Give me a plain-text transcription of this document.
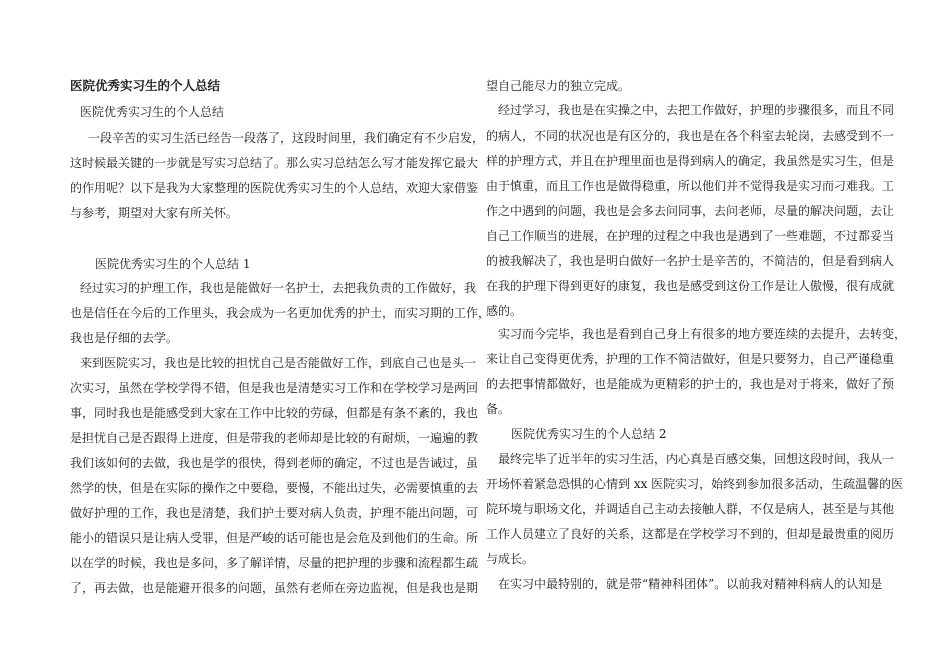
医院优秀实习生的个人总结
医院优秀实习生的个人总结
一段辛苦的实习生活已经告一段落了，这段时间里，我们确定有不少启发，
这时候最关键的一步就是写实习总结了。那么实习总结怎么写才能发挥它最大
的作用呢？以下是我为大家整理的医院优秀实习生的个人总结，欢迎大家借鉴
与参考，期望对大家有所关怀。
医院优秀实习生的个人总结 1
经过实习的护理工作，我也是能做好一名护士，去把我负责的工作做好，我
也是信任在今后的工作里头，我会成为一名更加优秀的护士，而实习期的工作，
我也是仔细的去学。
来到医院实习，我也是比较的担忧自己是否能做好工作，到底自己也是头一
次实习，虽然在学校学得不错，但是我也是清楚实习工作和在学校学习是两回
事，同时我也是能感受到大家在工作中比较的劳碌，但都是有条不紊的，我也
是担忧自己是否跟得上进度，但是带我的老师却是比较的有耐烦，一遍遍的教
我们该如何的去做，我也是学的很快，得到老师的确定，不过也是告诫过，虽
然学的快，但是在实际的操作之中要稳，要慢，不能出过失，必需要慎重的去
做好护理的工作，我也是清楚，我们护士要对病人负责，护理不能出问题，可
能小的错误只是让病人受罪，但是严峻的话可能也是会危及到他们的生命。所
以在学的时候，我也是多问，多了解详情，尽量的把护理的步骤和流程都生疏
了，再去做，也是能避开很多的问题，虽然有老师在旁边监视，但是我也是期
望自己能尽力的独立完成。
经过学习，我也是在实操之中，去把工作做好，护理的步骤很多，而且不同
的病人，不同的状况也是有区分的，我也是在各个科室去轮岗，去感受到不一
样的护理方式，并且在护理里面也是得到病人的确定，我虽然是实习生，但是
由于慎重，而且工作也是做得稳重，所以他们并不觉得我是实习而刁难我。工
作之中遇到的问题，我也是会多去问同事，去问老师，尽量的解决问题，去让
自己工作顺当的进展，在护理的过程之中我也是遇到了一些难题，不过都妥当
的被我解决了，我也是明白做好一名护士是辛苦的，不简洁的，但是看到病人
在我的护理下得到更好的康复，我也是感受到这份工作是让人傲慢，很有成就
感的。
实习而今完毕，我也是看到自己身上有很多的地方要连续的去提升，去转变，
来让自己变得更优秀，护理的工作不简洁做好，但是只要努力，自己严谨稳重
的去把事情都做好，也是能成为更精彩的护士的，我也是对于将来，做好了预
备。
医院优秀实习生的个人总结 2
最终完毕了近半年的实习生活，内心真是百感交集，回想这段时间，我从一
开场怀着紧急恐惧的心情到 xx 医院实习，始终到参加很多活动，生疏温馨的医
院环境与职场文化，并调适自己主动去接触人群，不仅是病人，甚至是与其他
工作人员建立了良好的关系，这都是在学校学习不到的，但却是最贵重的阅历
与成长。
在实习中最特别的，就是带“精神科团体”。以前我对精神科病人的认知是
